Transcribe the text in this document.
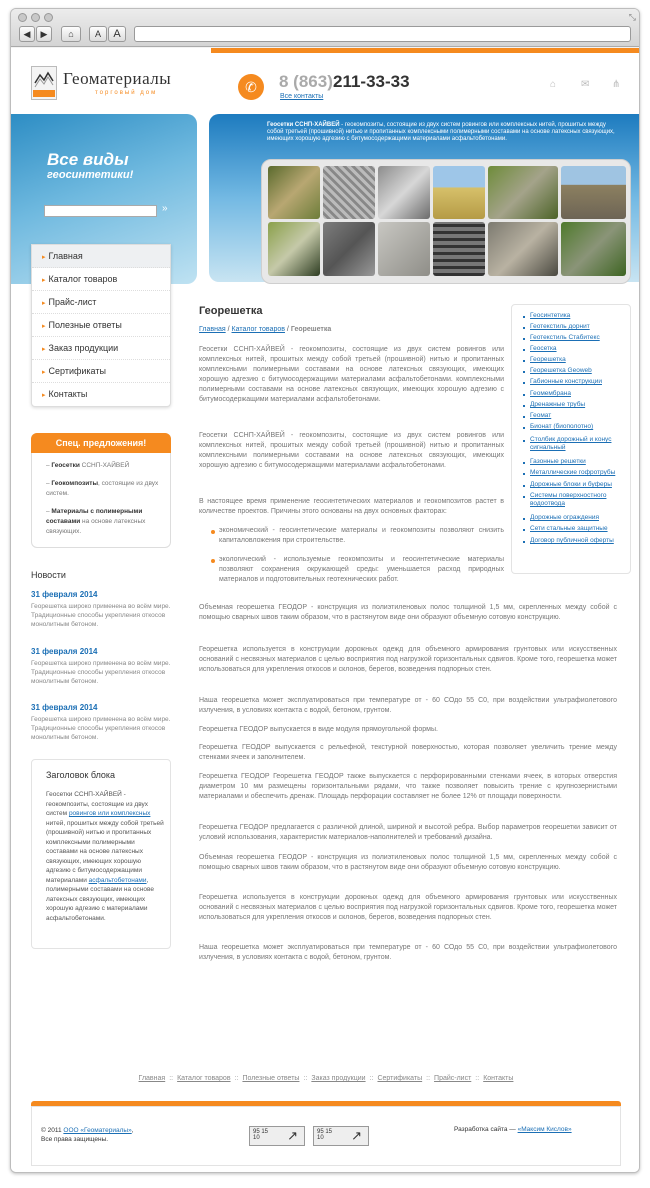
◀	▶	⌂	A	A
⤡
Геоматериалы
торговый дом	✆	8 (863) 211-33-33
Все контакты
⌂ ✉ ⋔
Все виды
геосинтетики!
»
Геосетки ССНП-ХАЙВЕЙ - геокомпозиты, состоящие из двух систем ровингов или комплексных нитей, прошитых между собой третьей (прошивной) нитью и пропитанных комплексными полимерными составами на основе латексных связующих, имеющих хорошую адгезию с битумосодержащими материалами асфальтобетонами.
▸ Главная
▸ Каталог товаров
▸ Прайс-лист
▸ Полезные ответы
▸ Заказ продукции
▸ Сертификаты
▸ Контакты
Спец. предложения!
– Геосетки ССНП-ХАЙВЕЙ
– Геокомпозиты, состоящие из двух систем.
– Материалы с полимерными составами на основе латексных связующих.
Новости
31 февраля 2014
Георешетка широко применена во всём мире. Традиционные способы укрепления откосов монолитным бетоном.
31 февраля 2014
Георешетка широко применена во всём мире. Традиционные способы укрепления откосов монолитным бетоном.
31 февраля 2014
Георешетка широко применена во всём мире. Традиционные способы укрепления откосов монолитным бетоном.
Заголовок блока
Геосетки ССНП-ХАЙВЕЙ - геокомпозиты, состоящие из двух систем ровингов или комплексных нитей, прошитых между собой третьей (прошивной) нитью и пропитанных комплексными полимерными составами на основе латексных связующих, имеющих хорошую адгезию с битумосодержащими материалами асфальтобетонами, полимерными составами на основе латексных связующих, имеющих хорошую адгезию с материалами асфальтобетонами.
Георешетка
Главная / Каталог товаров / Георешетка
Геосетки ССНП-ХАЙВЕЙ - геокомпозиты, состоящие из двух систем ровингов или комплексных нитей, прошитых между собой третьей (прошивной) нитью и пропитанных комплексными полимерными составами на основе латексных связующих, имеющих хорошую адгезию с битумосодержащими материалами асфальтобетонами. комплексными полимерными составами на основе латексных связующих, имеющих хорошую адгезию с битумосодержащими материалами асфальтобетонами.
Геосетки ССНП-ХАЙВЕЙ - геокомпозиты, состоящие из двух систем ровингов или комплексных нитей, прошитых между собой третьей (прошивной) нитью и пропитанных комплексными полимерными составами на основе латексных связующих, имеющих хорошую адгезию с битумосодержащими материалами асфальтобетонами.
В настоящее время применение геосинтетических материалов и геокомпозитов растет в количестве проектов. Причины этого основаны на двух основных факторах:
экономический - геосинтетические материалы и геокомпозиты позволяют снизить капиталовложения при строительстве.
экологический - используемые геокомпозиты и геосинтетические материалы позволяют сохранения окружающей среды: уменьшается расход природных материалов и подготовительных геотехнических работ.
Объемная георешетка ГЕОДОР - конструкция из полиэтиленовых полос толщиной 1,5 мм, скрепленных между собой с помощью сварных швов таким образом, что в растянутом виде они образуют объемную сотовую конструкцию.
Георешетка используется в конструкции дорожных одежд для объемного армирования грунтовых или искусственных оснований с несвязных материалов с целью восприятия под нагрузкой горизонтальных сдвигов. Кроме того, георешетка может использоваться для укрепления откосов и склонов, берегов, возведения подпорных стен.
Наша георешетка может эксплуатироваться при температуре от - 60 СОдо 55 С0, при воздействии ультрафиолетового излучения, в условиях контакта с водой, бетоном, грунтом.
Георешетка ГЕОДОР выпускается в виде модуля прямоугольной формы.
Георешетка ГЕОДОР выпускается с рельефной, текстурной поверхностью, которая позволяет увеличить трение между стенками ячеек и заполнителем.
Георешетка ГЕОДОР Георешетка ГЕОДОР также выпускается с перфорированными стенками ячеек, в которых отверстия диаметром 10 мм размещены горизонтальными рядами, что также позволяет повысить трение с крупнозернистыми материалами и обеспечить дренаж. Площадь перфорации составляет не более 12% от площади поверхности.
Георешетка ГЕОДОР предлагается с различной длиной, шириной и высотой ребра. Выбор параметров георешетки зависит от условий использования, характеристик материалов-наполнителей и требований дизайна.
Объемная георешетка ГЕОДОР - конструкция из полиэтиленовых полос толщиной 1,5 мм, скрепленных между собой с помощью сварных швов таким образом, что в растянутом виде они образуют объемную сотовую конструкцию.
Георешетка используется в конструкции дорожных одежд для объемного армирования грунтовых или искусственных оснований с несвязных материалов с целью восприятия под нагрузкой горизонтальных сдвигов. Кроме того, георешетка может использоваться для укрепления откосов и склонов, берегов, возведения подпорных стен.
Наша георешетка может эксплуатироваться при температуре от - 60 СОдо 55 С0, при воздействии ультрафиолетового излучения, в условиях контакта с водой, бетоном, грунтом.
Геосинтетика
Геотекстиль дорнит
Геотекстиль Стабитекс
Геосетка
Георешетка
Георешетка Geoweb
Габионные конструкции
Геомембрана
Дренажные трубы
Геомат
Бионат (биополотно)
Столбик дорожный и конус сигнальный
Газонные решетки
Металлические гофротрубы
Дорожные блоки и буферы
Системы поверхностного водоотвода
Дорожные ограждения
Сети стальные защитные
Договор публичной оферты
Главная :: Каталог товаров :: Полезные ответы :: Заказ продукции :: Сертификаты :: Прайс-лист :: Контакты
© 2011 ООО «Геоматериалы»,
Все права защищены.
95 15 10	↗	95 15 10	↗	Разработка сайта — «Максим Кислов»
